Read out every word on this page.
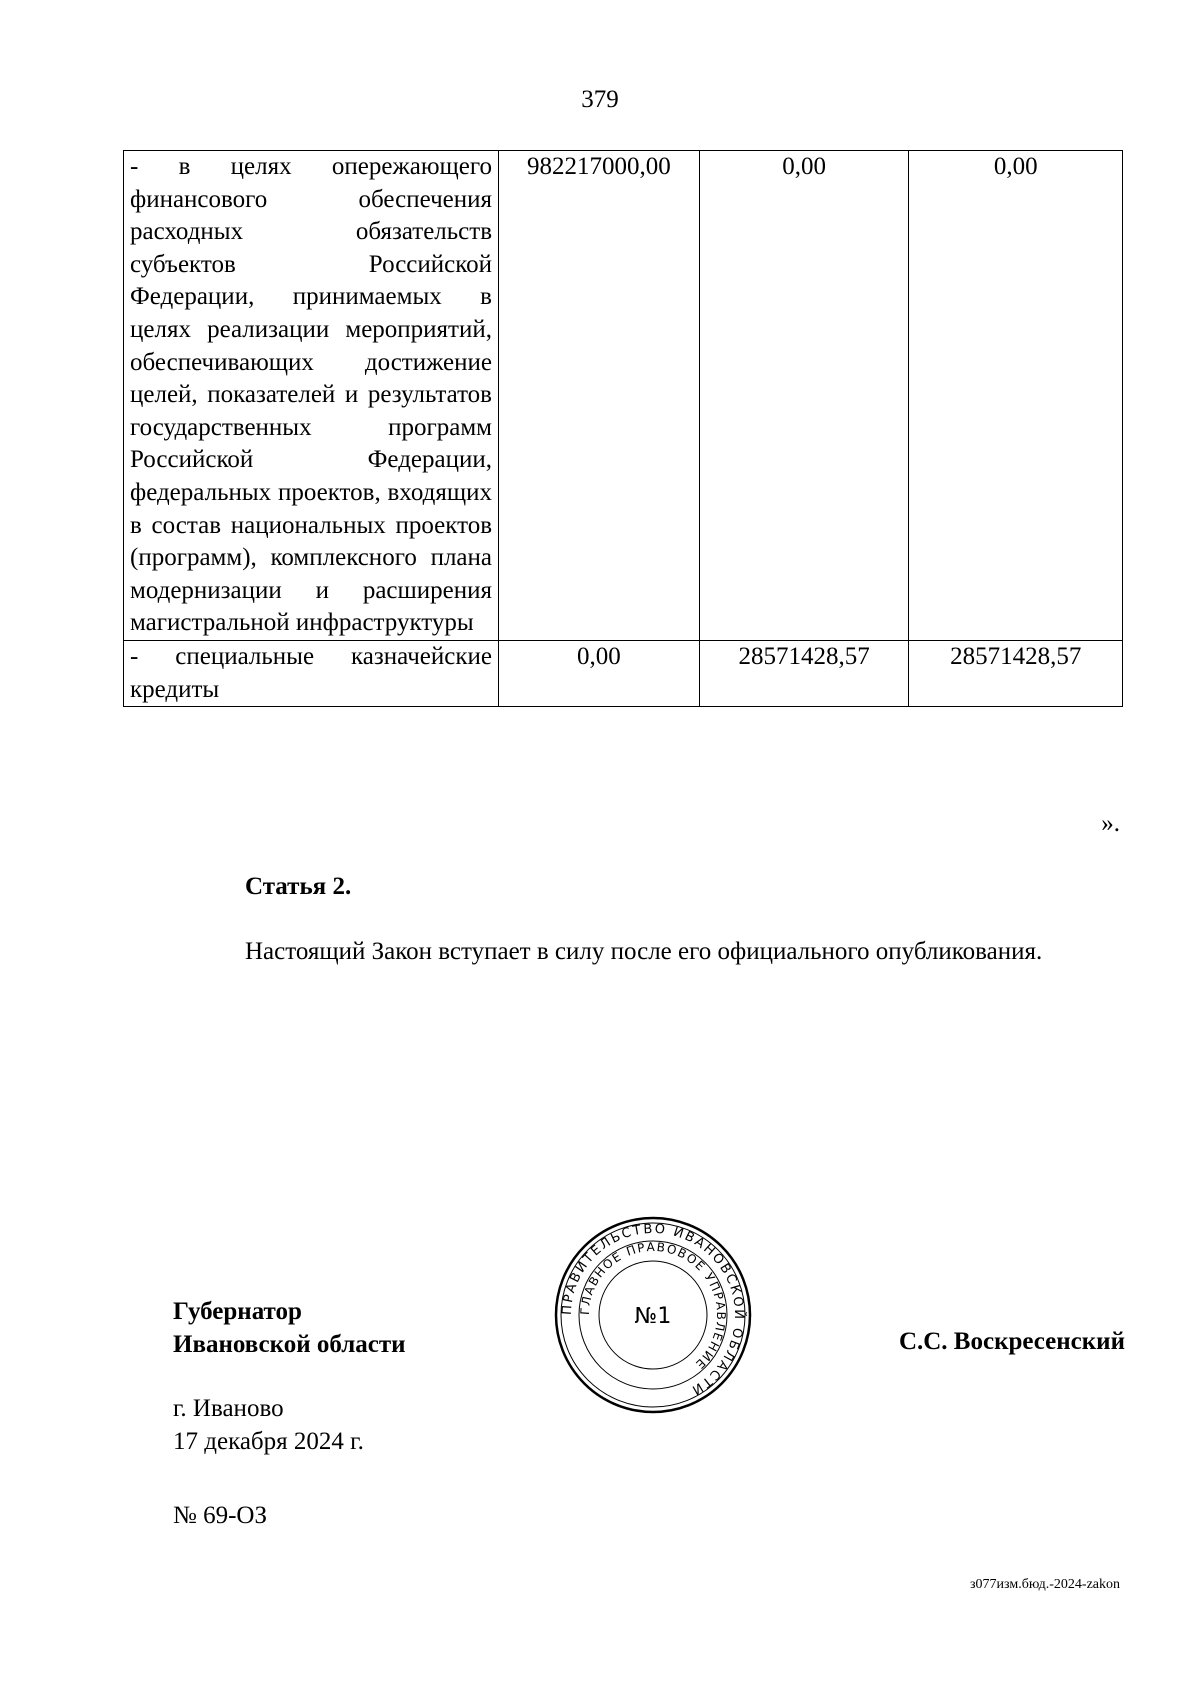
379
- в целях опережающего финансового обеспечения расходных обязательств субъектов Российской Федерации, принимаемых в целях реализации мероприятий, обеспечивающих достижение целей, показателей и результатов государственных программ Российской Федерации, федеральных проектов, входящих в состав национальных проектов (программ), комплексного плана модернизации и расширения магистральной инфраструктуры	982217000,00	0,00	0,00
- специальные казначейские кредиты	0,00	28571428,57	28571428,57
».
Статья 2.
Настоящий Закон вступает в силу после его официального опубликования.
Губернатор
Ивановской области
ПРАВИТЕЛЬСТВО ИВАНОВСКОЙ ОБЛАСТИ
ГЛАВНОЕ ПРАВОВОЕ УПРАВЛЕНИЕ
№1
С.С. Воскресенский
г. Иваново
17 декабря 2024 г.
№ 69-ОЗ
з077изм.бюд.-2024-zakon
